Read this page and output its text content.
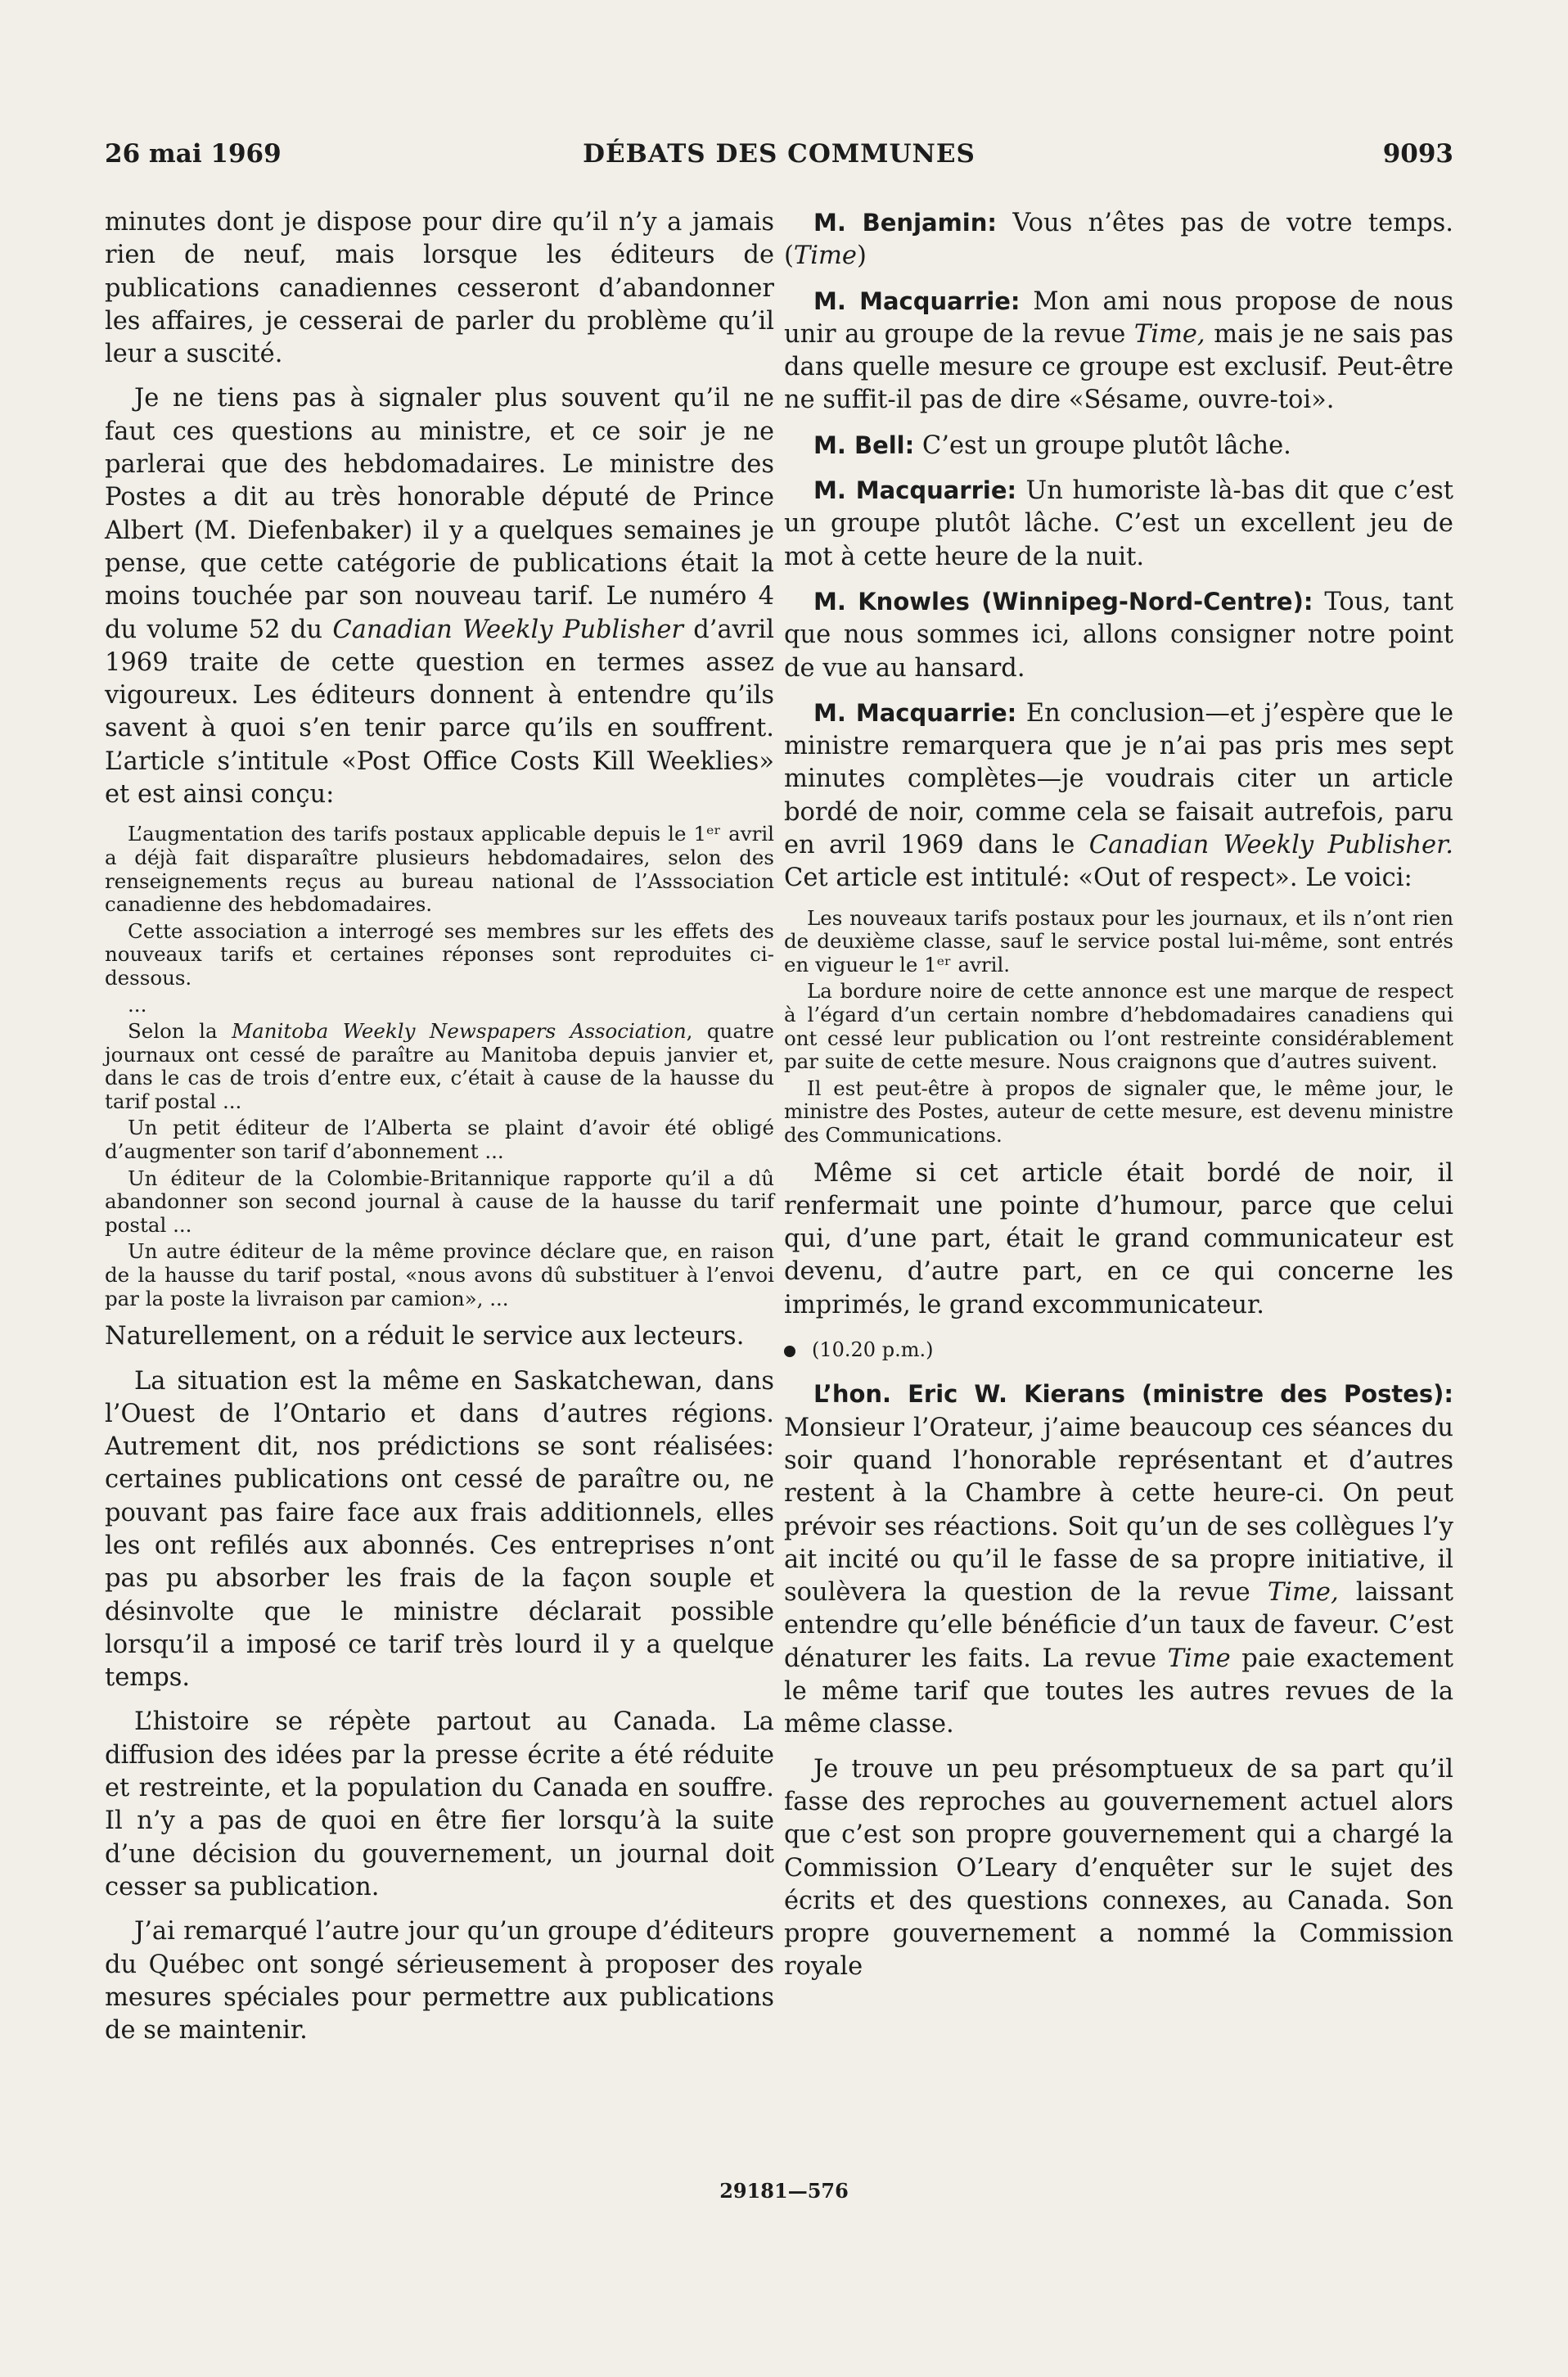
26 mai 1969	DÉBATS DES COMMUNES	9093

minutes dont je dispose pour dire qu’il n’y a jamais rien de neuf, mais lorsque les éditeurs de publications canadiennes cesseront d’abandonner les affaires, je cesserai de parler du problème qu’il leur a suscité.

Je ne tiens pas à signaler plus souvent qu’il ne faut ces questions au ministre, et ce soir je ne parlerai que des hebdomadaires. Le ministre des Postes a dit au très honorable député de Prince Albert (M. Diefenbaker) il y a quelques semaines je pense, que cette catégorie de publications était la moins touchée par son nouveau tarif. Le numéro 4 du volume 52 du Canadian Weekly Publisher d’avril 1969 traite de cette question en termes assez vigoureux. Les éditeurs donnent à entendre qu’ils savent à quoi s’en tenir parce qu’ils en souffrent. L’article s’intitule «Post Office Costs Kill Weeklies» et est ainsi conçu:

L’augmentation des tarifs postaux applicable depuis le 1ᵉʳ avril a déjà fait disparaître plusieurs hebdomadaires, selon des renseignements reçus au bureau national de l’Asssociation canadienne des hebdomadaires.

Cette association a interrogé ses membres sur les effets des nouveaux tarifs et certaines réponses sont reproduites ci-dessous.

...

Selon la Manitoba Weekly Newspapers Association, quatre journaux ont cessé de paraître au Manitoba depuis janvier et, dans le cas de trois d’entre eux, c’était à cause de la hausse du tarif postal ...

Un petit éditeur de l’Alberta se plaint d’avoir été obligé d’augmenter son tarif d’abonnement ...

Un éditeur de la Colombie-Britannique rapporte qu’il a dû abandonner son second journal à cause de la hausse du tarif postal ...

Un autre éditeur de la même province déclare que, en raison de la hausse du tarif postal, «nous avons dû substituer à l’envoi par la poste la livraison par camion», ...

Naturellement, on a réduit le service aux lecteurs.

La situation est la même en Saskatchewan, dans l’Ouest de l’Ontario et dans d’autres régions. Autrement dit, nos prédictions se sont réalisées: certaines publications ont cessé de paraître ou, ne pouvant pas faire face aux frais additionnels, elles les ont refilés aux abonnés. Ces entreprises n’ont pas pu absorber les frais de la façon souple et désinvolte que le ministre déclarait possible lorsqu’il a imposé ce tarif très lourd il y a quelque temps.

L’histoire se répète partout au Canada. La diffusion des idées par la presse écrite a été réduite et restreinte, et la population du Canada en souffre. Il n’y a pas de quoi en être fier lorsqu’à la suite d’une décision du gouvernement, un journal doit cesser sa publication.

J’ai remarqué l’autre jour qu’un groupe d’éditeurs du Québec ont songé sérieusement à proposer des mesures spéciales pour permettre aux publications de se maintenir.

M. Benjamin: Vous n’êtes pas de votre temps. (Time)

M. Macquarrie: Mon ami nous propose de nous unir au groupe de la revue Time, mais je ne sais pas dans quelle mesure ce groupe est exclusif. Peut-être ne suffit-il pas de dire «Sésame, ouvre-toi».

M. Bell: C’est un groupe plutôt lâche.

M. Macquarrie: Un humoriste là-bas dit que c’est un groupe plutôt lâche. C’est un excellent jeu de mot à cette heure de la nuit.

M. Knowles (Winnipeg-Nord-Centre): Tous, tant que nous sommes ici, allons consigner notre point de vue au hansard.

M. Macquarrie: En conclusion—et j’espère que le ministre remarquera que je n’ai pas pris mes sept minutes complètes—je voudrais citer un article bordé de noir, comme cela se faisait autrefois, paru en avril 1969 dans le Canadian Weekly Publisher. Cet article est intitulé: «Out of respect». Le voici:

Les nouveaux tarifs postaux pour les journaux, et ils n’ont rien de deuxième classe, sauf le service postal lui-même, sont entrés en vigueur le 1ᵉʳ avril.

La bordure noire de cette annonce est une marque de respect à l’égard d’un certain nombre d’hebdomadaires canadiens qui ont cessé leur publication ou l’ont restreinte considérablement par suite de cette mesure. Nous craignons que d’autres suivent.

Il est peut-être à propos de signaler que, le même jour, le ministre des Postes, auteur de cette mesure, est devenu ministre des Communications.

Même si cet article était bordé de noir, il renfermait une pointe d’humour, parce que celui qui, d’une part, était le grand communicateur est devenu, d’autre part, en ce qui concerne les imprimés, le grand excommunicateur.

(10.20 p.m.)

L’hon. Eric W. Kierans (ministre des Postes): Monsieur l’Orateur, j’aime beaucoup ces séances du soir quand l’honorable représentant et d’autres restent à la Chambre à cette heure-ci. On peut prévoir ses réactions. Soit qu’un de ses collègues l’y ait incité ou qu’il le fasse de sa propre initiative, il soulèvera la question de la revue Time, laissant entendre qu’elle bénéficie d’un taux de faveur. C’est dénaturer les faits. La revue Time paie exactement le même tarif que toutes les autres revues de la même classe.

Je trouve un peu présomptueux de sa part qu’il fasse des reproches au gouvernement actuel alors que c’est son propre gouvernement qui a chargé la Commission O’Leary d’enquêter sur le sujet des écrits et des questions connexes, au Canada. Son propre gouvernement a nommé la Commission royale

29181—576
